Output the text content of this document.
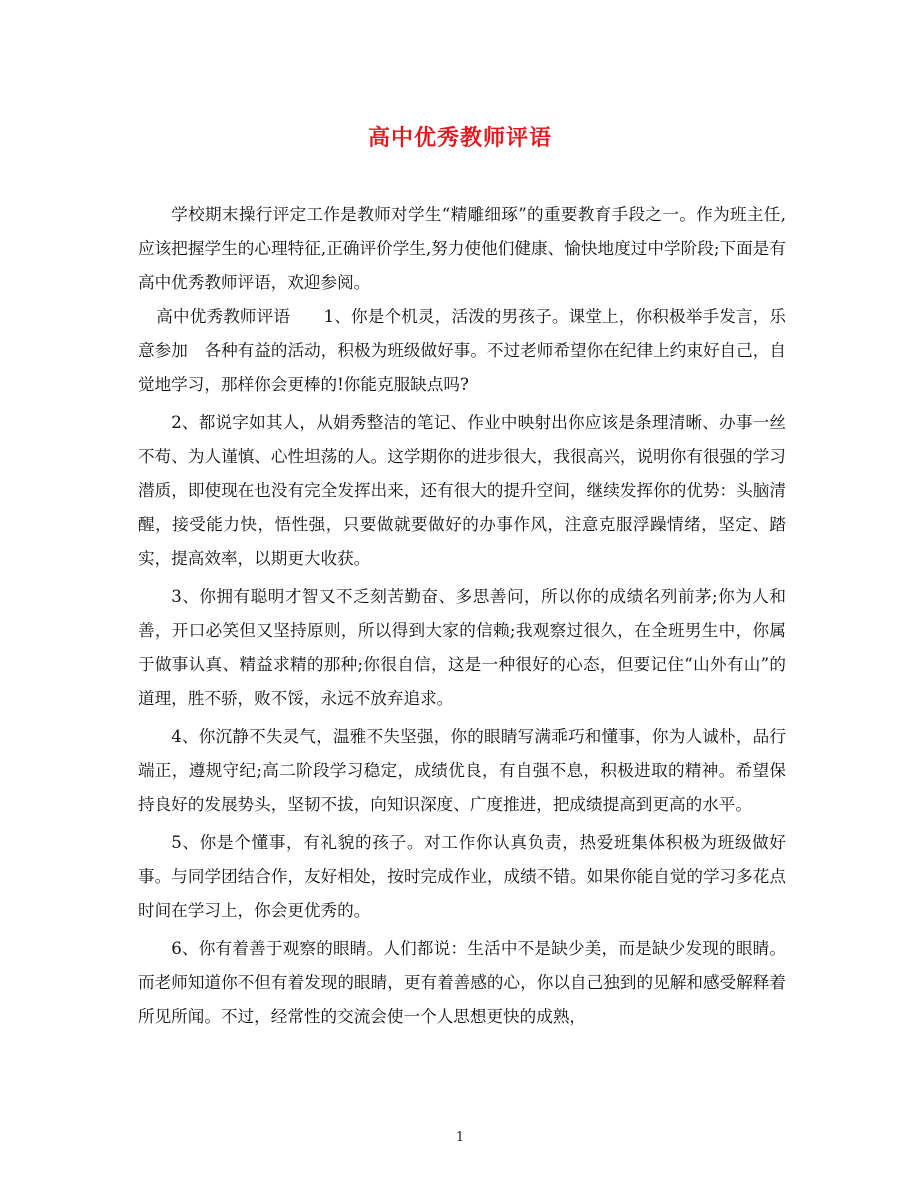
高中优秀教师评语

学校期末操行评定工作是教师对学生“精雕细琢”的重要教育手段之一。作为班主任,应该把握学生的心理特征,正确评价学生,努力使他们健康、愉快地度过中学阶段;下面是有高中优秀教师评语，欢迎参阅。

高中优秀教师评语　　1、你是个机灵，活泼的男孩子。课堂上，你积极举手发言，乐意参加　各种有益的活动，积极为班级做好事。不过老师希望你在纪律上约束好自己，自觉地学习，那样你会更棒的!你能克服缺点吗?

2、都说字如其人，从娟秀整洁的笔记、作业中映射出你应该是条理清晰、办事一丝不苟、为人谨慎、心性坦荡的人。这学期你的进步很大，我很高兴，说明你有很强的学习潜质，即使现在也没有完全发挥出来，还有很大的提升空间，继续发挥你的优势：头脑清醒，接受能力快，悟性强，只要做就要做好的办事作风，注意克服浮躁情绪，坚定、踏实，提高效率，以期更大收获。

3、你拥有聪明才智又不乏刻苦勤奋、多思善问，所以你的成绩名列前茅;你为人和善，开口必笑但又坚持原则，所以得到大家的信赖;我观察过很久，在全班男生中，你属于做事认真、精益求精的那种;你很自信，这是一种很好的心态，但要记住“山外有山”的道理，胜不骄，败不馁，永远不放弃追求。

4、你沉静不失灵气，温雅不失坚强，你的眼睛写满乖巧和懂事，你为人诚朴，品行端正，遵规守纪;高二阶段学习稳定，成绩优良，有自强不息，积极进取的精神。希望保持良好的发展势头，坚韧不拔，向知识深度、广度推进，把成绩提高到更高的水平。

5、你是个懂事，有礼貌的孩子。对工作你认真负责，热爱班集体积极为班级做好事。与同学团结合作，友好相处，按时完成作业，成绩不错。如果你能自觉的学习多花点时间在学习上，你会更优秀的。

6、你有着善于观察的眼睛。人们都说：生活中不是缺少美，而是缺少发现的眼睛。而老师知道你不但有着发现的眼睛，更有着善感的心，你以自己独到的见解和感受解释着所见所闻。不过，经常性的交流会使一个人思想更快的成熟，

1
